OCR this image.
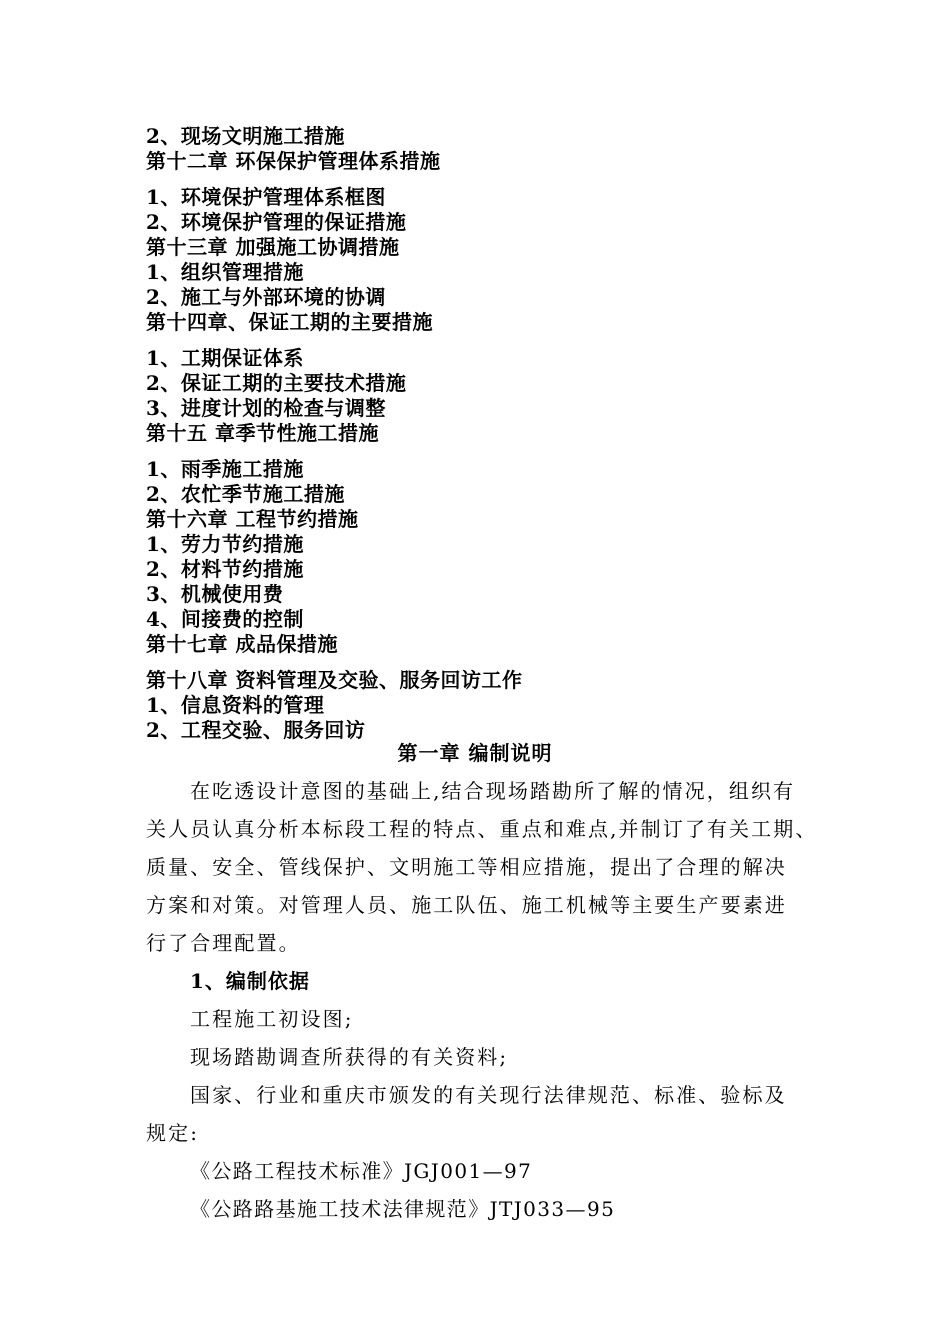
2、现场文明施工措施
第十二章 环保保护管理体系措施
1、环境保护管理体系框图
2、环境保护管理的保证措施
第十三章 加强施工协调措施
1、组织管理措施
2、施工与外部环境的协调
第十四章、保证工期的主要措施
1、工期保证体系
2、保证工期的主要技术措施
3、进度计划的检查与调整
第十五 章季节性施工措施
1、雨季施工措施
2、农忙季节施工措施
第十六章 工程节约措施
1、劳力节约措施
2、材料节约措施
3、机械使用费
4、间接费的控制
第十七章 成品保措施
第十八章 资料管理及交验、服务回访工作
1、信息资料的管理
2、工程交验、服务回访
第一章 编制说明
在吃透设计意图的基础上,结合现场踏勘所了解的情况，组织有
关人员认真分析本标段工程的特点、重点和难点,并制订了有关工期、
质量、安全、管线保护、文明施工等相应措施，提出了合理的解决
方案和对策。对管理人员、施工队伍、施工机械等主要生产要素进
行了合理配置。
1、编制依据
工程施工初设图;
现场踏勘调查所获得的有关资料;
国家、行业和重庆市颁发的有关现行法律规范、标准、验标及
规定:
《公路工程技术标准》JGJ001—97
《公路路基施工技术法律规范》JTJ033—95
